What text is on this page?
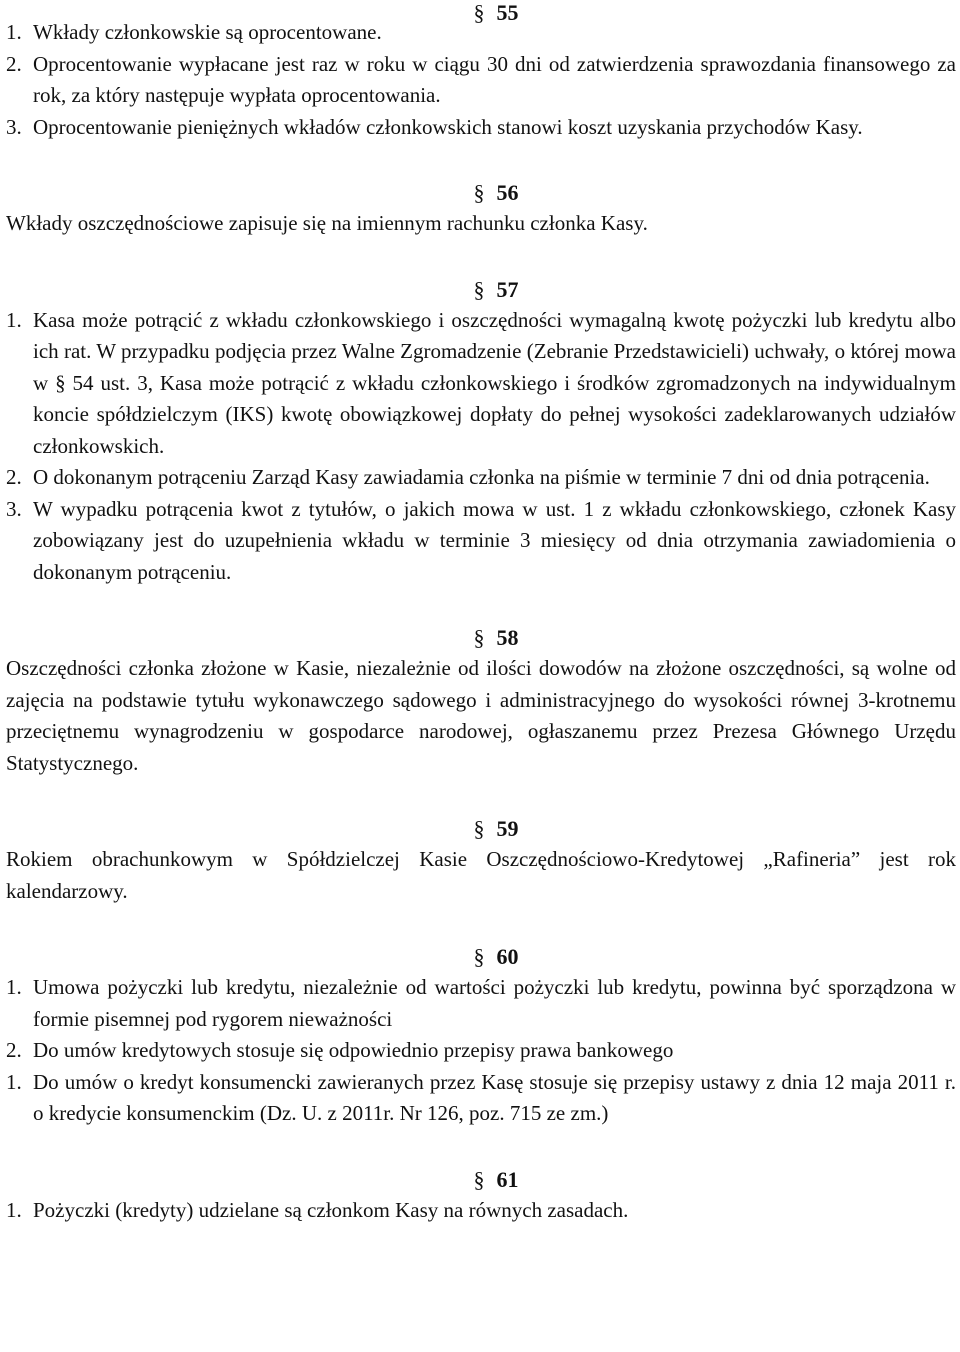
§ 55
1. Wkłady członkowskie są oprocentowane.
2. Oprocentowanie wypłacane jest raz w roku w ciągu 30 dni od zatwierdzenia sprawozdania finansowego za rok, za który następuje wypłata oprocentowania.
3. Oprocentowanie pieniężnych wkładów członkowskich stanowi koszt uzyskania przychodów Kasy.
§ 56
Wkłady oszczędnościowe zapisuje się na imiennym rachunku członka Kasy.
§ 57
1. Kasa może potrącić z wkładu członkowskiego i oszczędności wymagalną kwotę pożyczki lub kredytu albo ich rat. W przypadku podjęcia przez Walne Zgromadzenie (Zebranie Przedstawicieli) uchwały, o której mowa w § 54 ust. 3, Kasa może potrącić z wkładu członkowskiego i środków zgromadzonych na indywidualnym koncie spółdzielczym (IKS) kwotę obowiązkowej dopłaty do pełnej wysokości zadeklarowanych udziałów członkowskich.
2. O dokonanym potrąceniu Zarząd Kasy zawiadamia członka na piśmie w terminie 7 dni od dnia potrącenia.
3. W wypadku potrącenia kwot z tytułów, o jakich mowa w ust. 1 z wkładu członkowskiego, członek Kasy zobowiązany jest do uzupełnienia wkładu w terminie 3 miesięcy od dnia otrzymania zawiadomienia o dokonanym potrąceniu.
§ 58
Oszczędności członka złożone w Kasie, niezależnie od ilości dowodów na złożone oszczędności, są wolne od zajęcia na podstawie tytułu wykonawczego sądowego i administracyjnego do wysokości równej 3-krotnemu przeciętnemu wynagrodzeniu w gospodarce narodowej, ogłaszanemu przez Prezesa Głównego Urzędu Statystycznego.
§ 59
Rokiem obrachunkowym w Spółdzielczej Kasie Oszczędnościowo-Kredytowej „Rafineria” jest rok kalendarzowy.
§ 60
1. Umowa pożyczki lub kredytu, niezależnie od wartości pożyczki lub kredytu, powinna być sporządzona w formie pisemnej pod rygorem nieważności
2. Do umów kredytowych stosuje się odpowiednio przepisy prawa bankowego
1. Do umów o kredyt konsumencki zawieranych przez Kasę stosuje się przepisy ustawy z dnia 12 maja 2011 r. o kredycie konsumenckim (Dz. U. z 2011r. Nr 126, poz. 715 ze zm.)
§ 61
1. Pożyczki (kredyty) udzielane są członkom Kasy na równych zasadach.
